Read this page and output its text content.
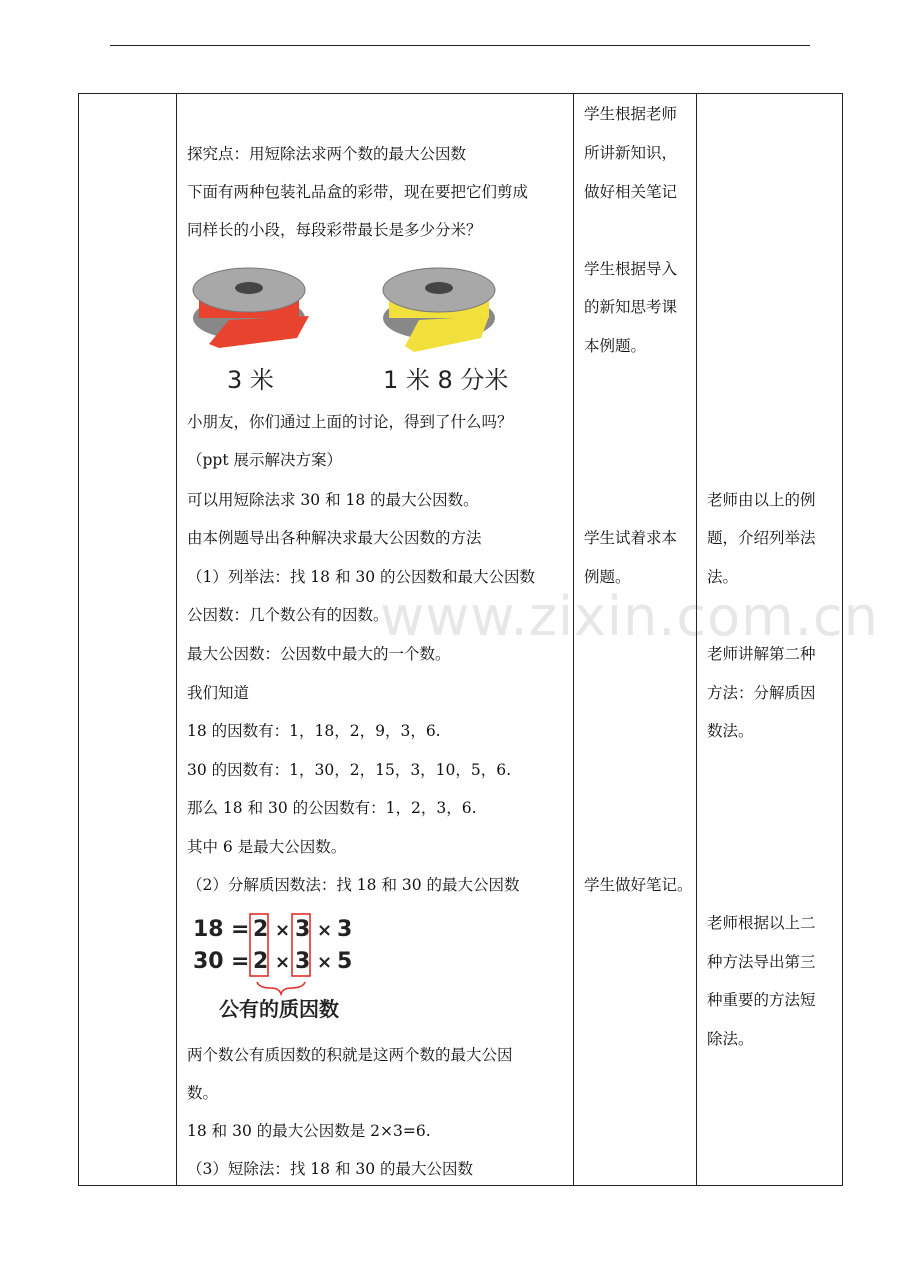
www.zixin.com.cn
探究点：用短除法求两个数的最大公因数
下面有两种包装礼品盒的彩带，现在要把它们剪成
同样长的小段，每段彩带最长是多少分米？
3 米	1 米 8 分米
小朋友，你们通过上面的讨论，得到了什么吗？
（ppt 展示解决方案）
可以用短除法求 30 和 18 的最大公因数。
由本例题导出各种解决求最大公因数的方法
（1）列举法：找 18 和 30 的公因数和最大公因数
公因数：几个数公有的因数。
最大公因数：公因数中最大的一个数。
我们知道
18 的因数有：1，18，2，9，3，6.
30 的因数有：1，30，2，15，3，10，5，6.
那么 18 和 30 的公因数有：1，2，3，6.
其中 6 是最大公因数。
（2）分解质因数法：找 18 和 30 的最大公因数
18 = 2 × 3 × 3
30 = 2 × 3 × 5
公有的质因数
两个数公有质因数的积就是这两个数的最大公因
数。
18 和 30 的最大公因数是 2×3=6.
（3）短除法：找 18 和 30 的最大公因数
学生根据老师
所讲新知识，
做好相关笔记
学生根据导入
的新知思考课
本例题。
学生试着求本
例题。
学生做好笔记。
老师由以上的例
题，介绍列举法
法。
老师讲解第二种
方法：分解质因
数法。
老师根据以上二
种方法导出第三
种重要的方法短
除法。
